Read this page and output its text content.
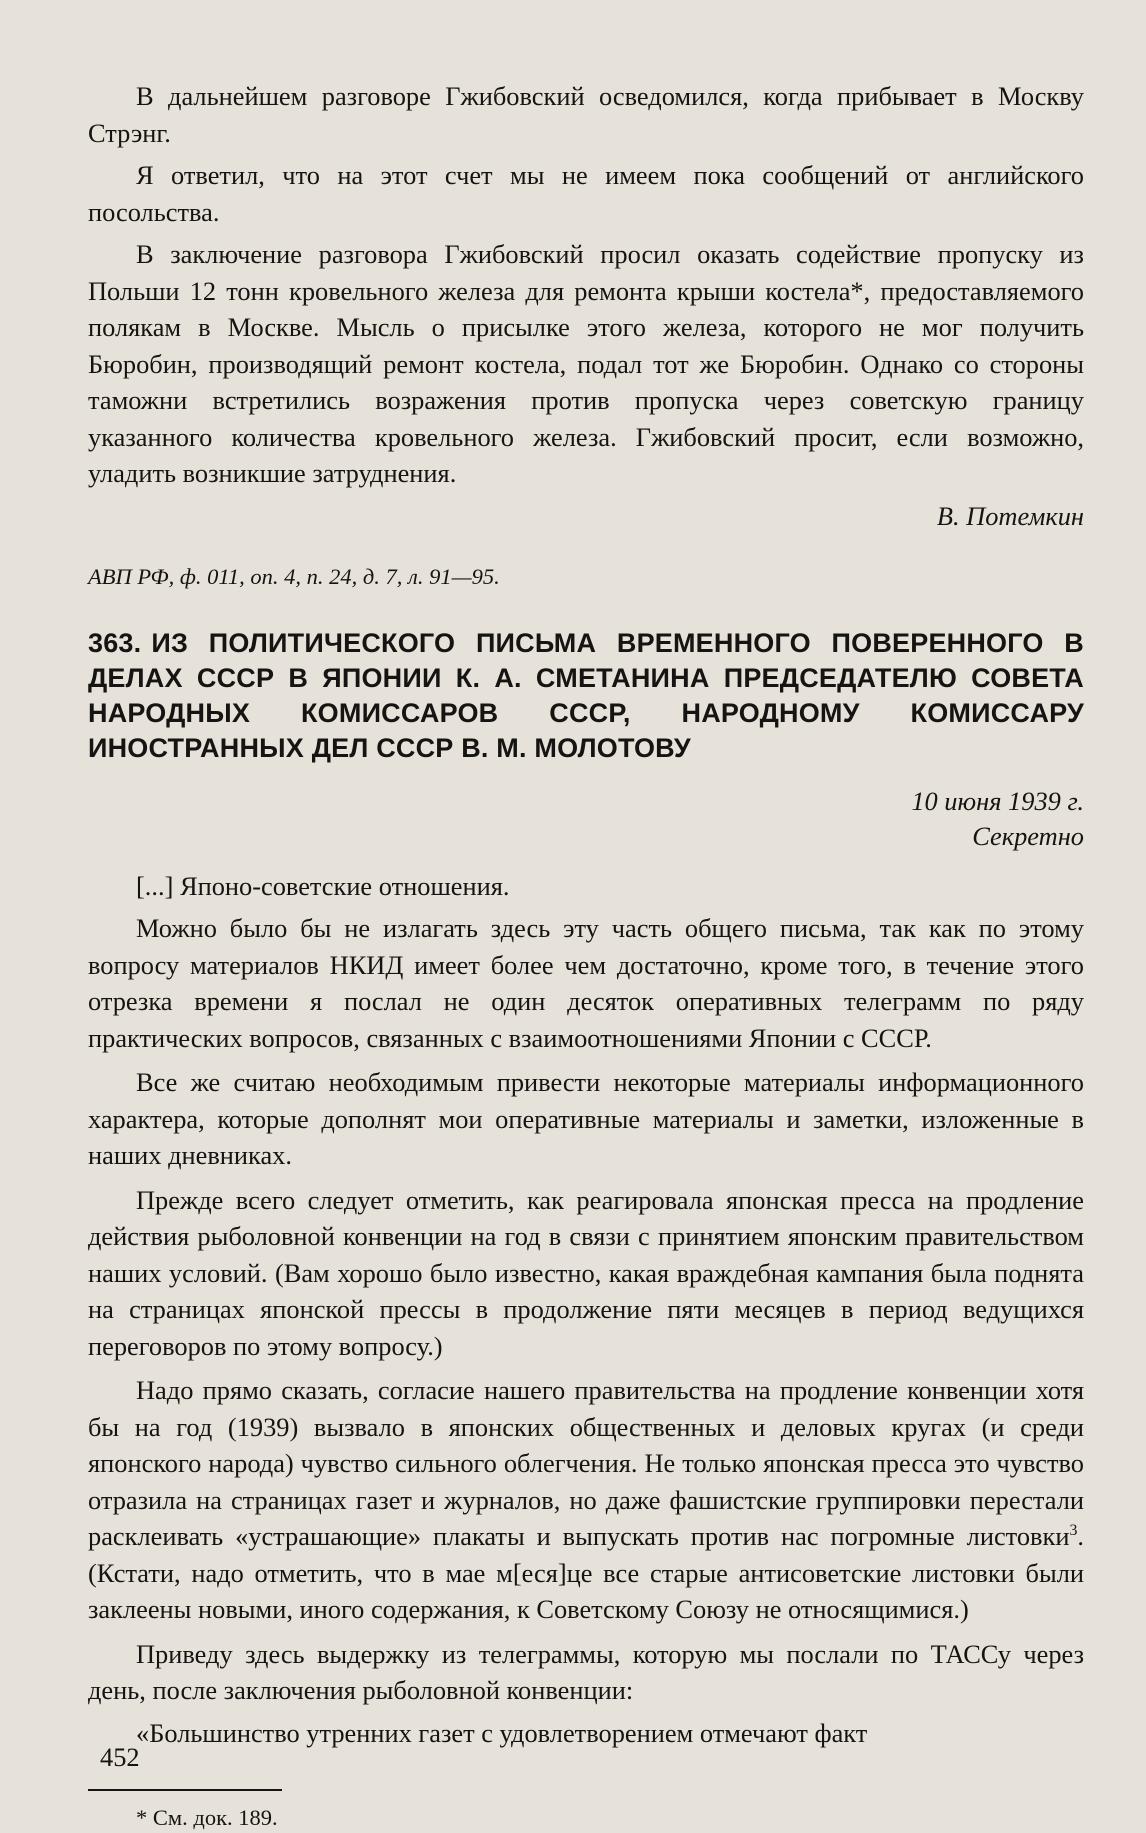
В дальнейшем разговоре Гжибовский осведомился, когда прибывает в Москву Стрэнг.

Я ответил, что на этот счет мы не имеем пока сообщений от английского посольства.

В заключение разговора Гжибовский просил оказать содействие пропуску из Польши 12 тонн кровельного железа для ремонта крыши костела*, предоставляемого полякам в Москве. Мысль о присылке этого железа, которого не мог получить Бюробин, производящий ремонт костела, подал тот же Бюробин. Однако со стороны таможни встретились возражения против пропуска через советскую границу указанного количества кровельного железа. Гжибовский просит, если возможно, уладить возникшие затруднения.

В. Потемкин

АВП РФ, ф. 011, оп. 4, п. 24, д. 7, л. 91—95.

363. ИЗ ПОЛИТИЧЕСКОГО ПИСЬМА ВРЕМЕННОГО ПОВЕРЕННОГО В ДЕЛАХ СССР В ЯПОНИИ К. А. СМЕТАНИНА ПРЕДСЕДАТЕЛЮ СОВЕТА НАРОДНЫХ КОМИССАРОВ СССР, НАРОДНОМУ КОМИССАРУ ИНОСТРАННЫХ ДЕЛ СССР В. М. МОЛОТОВУ

10 июня 1939 г.

Секретно

[...] Японо-советские отношения.

Можно было бы не излагать здесь эту часть общего письма, так как по этому вопросу материалов НКИД имеет более чем достаточно, кроме того, в течение этого отрезка времени я послал не один десяток оперативных телеграмм по ряду практических вопросов, связанных с взаимоотношениями Японии с СССР.

Все же считаю необходимым привести некоторые материалы информационного характера, которые дополнят мои оперативные материалы и заметки, изложенные в наших дневниках.

Прежде всего следует отметить, как реагировала японская пресса на продление действия рыболовной конвенции на год в связи с принятием японским правительством наших условий. (Вам хорошо было известно, какая враждебная кампания была поднята на страницах японской прессы в продолжение пяти месяцев в период ведущихся переговоров по этому вопросу.)

Надо прямо сказать, согласие нашего правительства на продление конвенции хотя бы на год (1939) вызвало в японских общественных и деловых кругах (и среди японского народа) чувство сильного облегчения. Не только японская пресса это чувство отразила на страницах газет и журналов, но даже фашистские группировки перестали расклеивать «устрашающие» плакаты и выпускать против нас погромные листовки$^3$. (Кстати, надо отметить, что в мае м[еся]це все старые антисоветские листовки были заклеены новыми, иного содержания, к Советскому Союзу не относящимися.)

Приведу здесь выдержку из телеграммы, которую мы послали по ТАССу через день, после заключения рыболовной конвенции:

«Большинство утренних газет с удовлетворением отмечают факт

* См. док. 189.

452
